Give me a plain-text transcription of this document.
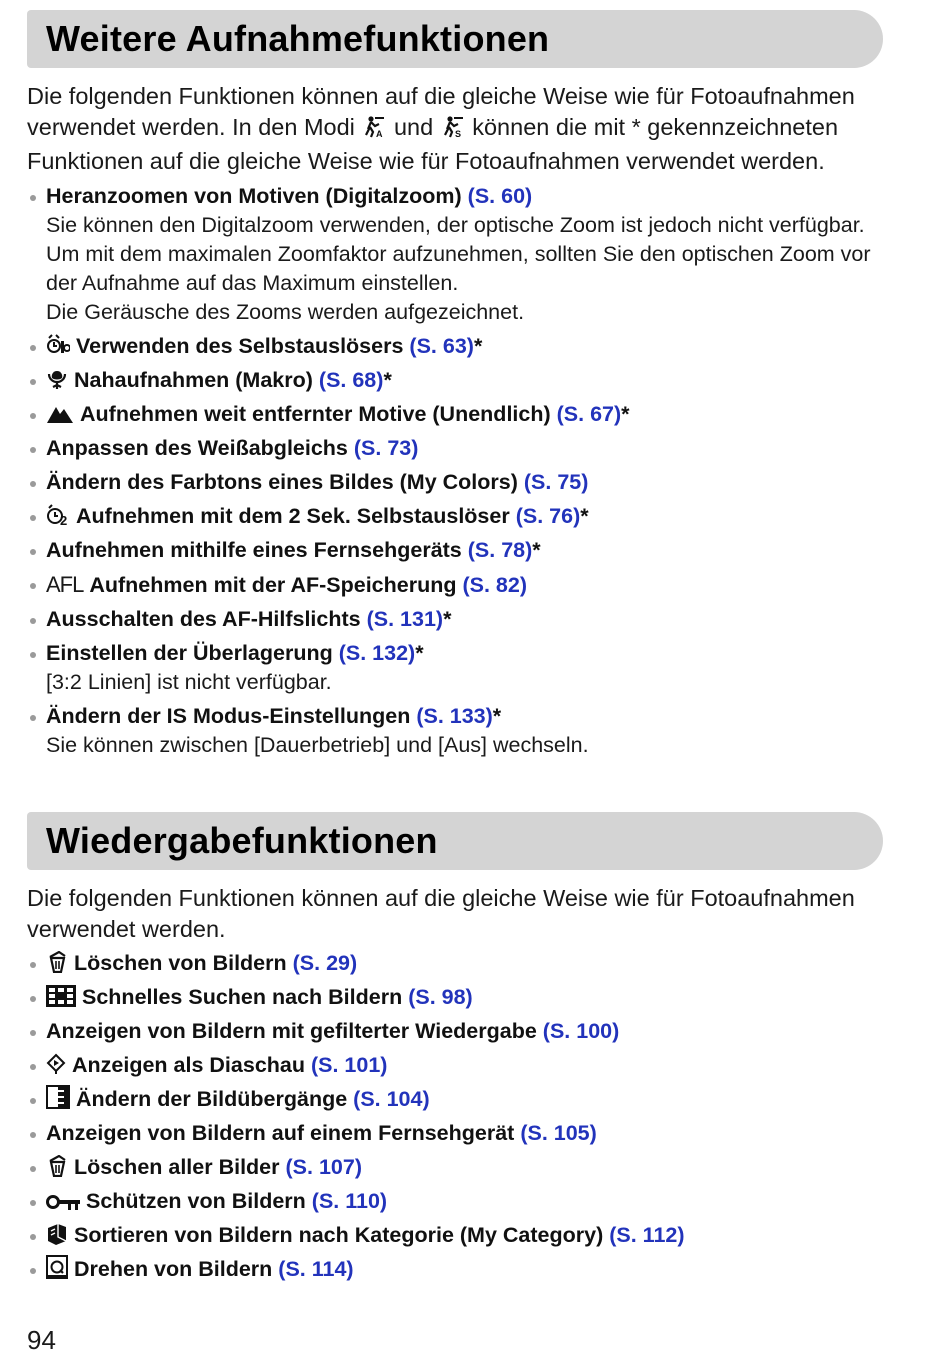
Weitere Aufnahmefunktionen

Die folgenden Funktionen können auf die gleiche Weise wie für Fotoaufnahmen verwendet werden. In den Modi A und S können die mit * gekennzeichneten Funktionen auf die gleiche Weise wie für Fotoaufnahmen verwendet werden.

Heranzoomen von Motiven (Digitalzoom) (S. 60)
Sie können den Digitalzoom verwenden, der optische Zoom ist jedoch nicht verfügbar. Um mit dem maximalen Zoomfaktor aufzunehmen, sollten Sie den optischen Zoom vor der Aufnahme auf das Maximum einstellen.
Die Geräusche des Zooms werden aufgezeichnet.
Verwenden des Selbstauslösers (S. 63)*
Nahaufnahmen (Makro) (S. 68)*
Aufnehmen weit entfernter Motive (Unendlich) (S. 67)*
Anpassen des Weißabgleichs (S. 73)
Ändern des Farbtons eines Bildes (My Colors) (S. 75)
2 Aufnehmen mit dem 2 Sek. Selbstauslöser (S. 76)*
Aufnehmen mithilfe eines Fernsehgeräts (S. 78)*
AFL Aufnehmen mit der AF-Speicherung (S. 82)
Ausschalten des AF-Hilfslichts (S. 131)*
Einstellen der Überlagerung (S. 132)*
[3:2 Linien] ist nicht verfügbar.
Ändern der IS Modus-Einstellungen (S. 133)*
Sie können zwischen [Dauerbetrieb] und [Aus] wechseln.
Wiedergabefunktionen

Die folgenden Funktionen können auf die gleiche Weise wie für Fotoaufnahmen verwendet werden.

Löschen von Bildern (S. 29)
Schnelles Suchen nach Bildern (S. 98)
Anzeigen von Bildern mit gefilterter Wiedergabe (S. 100)
Anzeigen als Diaschau (S. 101)
Ändern der Bildübergänge (S. 104)
Anzeigen von Bildern auf einem Fernsehgerät (S. 105)
Löschen aller Bilder (S. 107)
Schützen von Bildern (S. 110)
Sortieren von Bildern nach Kategorie (My Category) (S. 112)
Drehen von Bildern (S. 114)
94
